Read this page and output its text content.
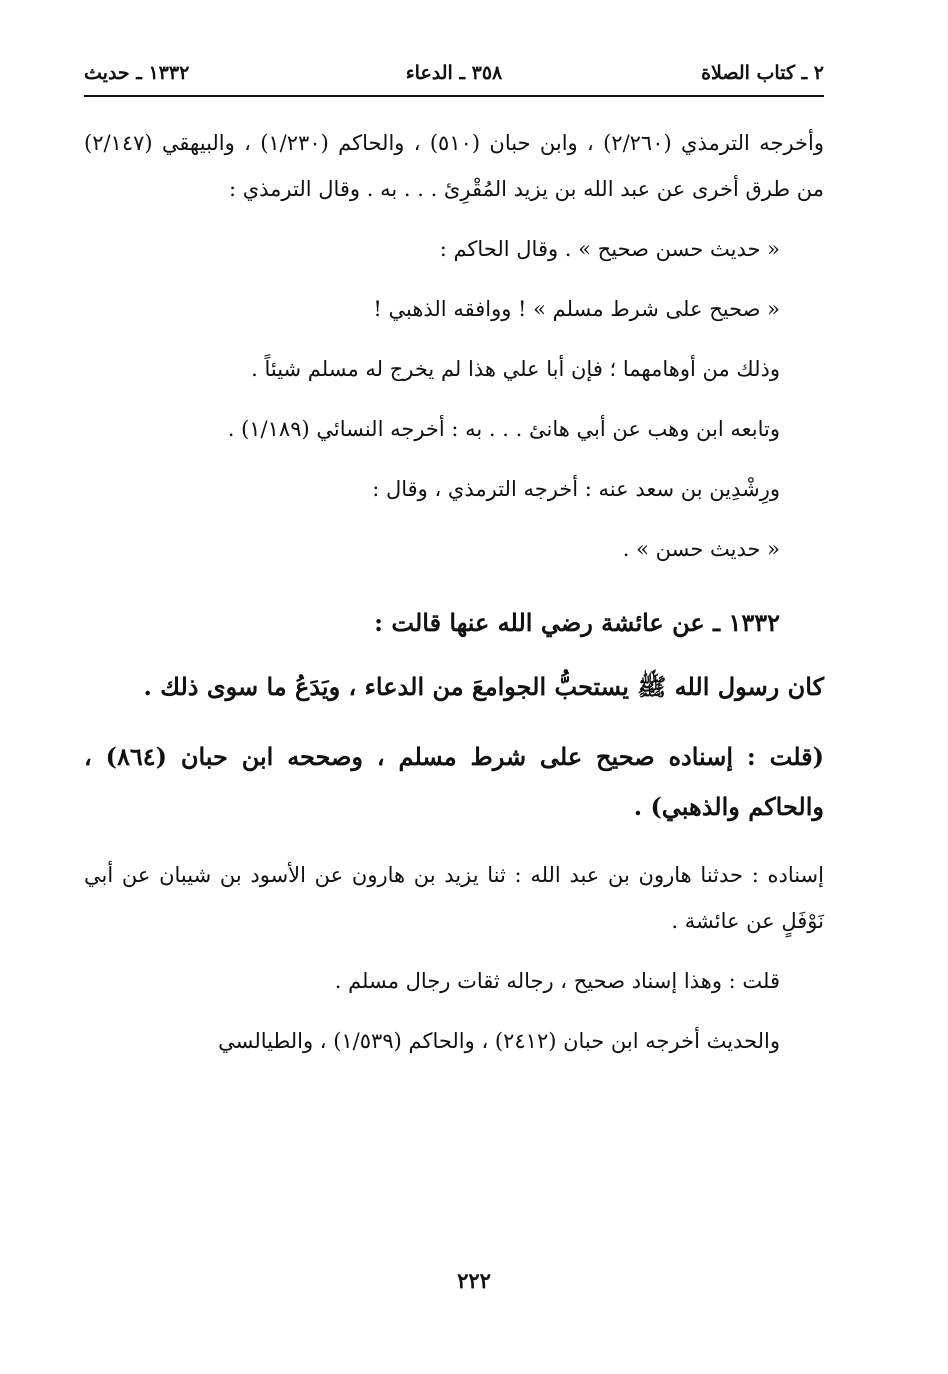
٢ ـ كتاب الصلاة
٣٥٨ ـ الدعاء
١٣٣٢ ـ حديث

وأخرجه الترمذي (٢/٢٦٠) ، وابن حبان (٥١٠) ، والحاكم (١/٢٣٠) ، والبيهقي (٢/١٤٧) من طرق أخرى عن عبد الله بن يزيد المُقْرِئ . . . به . وقال الترمذي :

« حديث حسن صحيح » . وقال الحاكم :

« صحيح على شرط مسلم » ! ووافقه الذهبي !

وذلك من أوهامهما ؛ فإن أبا علي هذا لم يخرج له مسلم شيئاً .

وتابعه ابن وهب عن أبي هانئ . . . به : أخرجه النسائي (١/١٨٩) .

ورِشْدِين بن سعد عنه : أخرجه الترمذي ، وقال :

« حديث حسن » .

١٣٣٢ ـ عن عائشة رضي الله عنها قالت :

كان رسول الله ﷺ يستحبُّ الجوامعَ من الدعاء ، ويَدَعُ ما سوى ذلك .

(قلت : إسناده صحيح على شرط مسلم ، وصححه ابن حبان (٨٦٤) ، والحاكم والذهبي) .

إسناده : حدثنا هارون بن عبد الله : ثنا يزيد بن هارون عن الأسود بن شيبان عن أبي نَوْفَلٍ عن عائشة .

قلت : وهذا إسناد صحيح ، رجاله ثقات رجال مسلم .

والحديث أخرجه ابن حبان (٢٤١٢) ، والحاكم (١/٥٣٩) ، والطيالسي

٢٢٢
